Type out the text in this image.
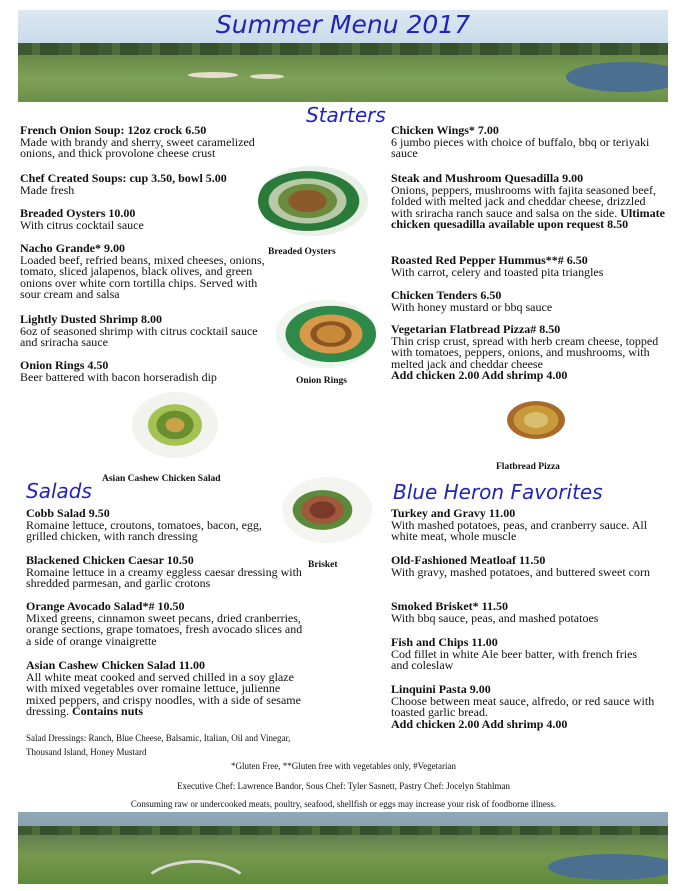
Summer Menu 2017
Starters
Salads	Blue Heron Favorites
French Onion Soup: 12oz crock 6.50
Made with brandy and sherry, sweet caramelized onions, and thick provolone cheese crust
Chef Created Soups: cup 3.50, bowl 5.00
Made fresh
Breaded Oysters 10.00
With citrus cocktail sauce
Nacho Grande* 9.00
Loaded beef, refried beans, mixed cheeses, onions, tomato, sliced jalapenos, black olives, and green onions over white corn tortilla chips. Served with sour cream and salsa
Lightly Dusted Shrimp 8.00
6oz of seasoned shrimp with citrus cocktail sauce and sriracha sauce
Onion Rings 4.50
Beer battered with bacon horseradish dip
Chicken Wings* 7.00
6 jumbo pieces with choice of buffalo, bbq or teriyaki sauce
Steak and Mushroom Quesadilla 9.00
Onions, peppers, mushrooms with fajita seasoned beef, folded with melted jack and cheddar cheese, drizzled with sriracha ranch sauce and salsa on the side. Ultimate chicken quesadilla available upon request 8.50
Roasted Red Pepper Hummus**# 6.50
With carrot, celery and toasted pita triangles
Chicken Tenders 6.50
With honey mustard or bbq sauce
Vegetarian Flatbread Pizza# 8.50
Thin crisp crust, spread with herb cream cheese, topped with tomatoes, peppers, onions, and mushrooms, with melted jack and cheddar cheese
Add chicken 2.00 Add shrimp 4.00
Breaded Oysters
Onion Rings
Asian Cashew Chicken Salad
Flatbread Pizza
Brisket
Cobb Salad 9.50
Romaine lettuce, croutons, tomatoes, bacon, egg, grilled chicken, with ranch dressing
Blackened Chicken Caesar 10.50
Romaine lettuce in a creamy eggless caesar dressing with shredded parmesan, and garlic crotons
Orange Avocado Salad*# 10.50
Mixed greens, cinnamon sweet pecans, dried cranberries, orange sections, grape tomatoes, fresh avocado slices and a side of orange vinaigrette
Asian Cashew Chicken Salad 11.00
All white meat cooked and served chilled in a soy glaze with mixed vegetables over romaine lettuce, julienne mixed peppers, and crispy noodles, with a side of sesame dressing. Contains nuts
Salad Dressings: Ranch, Blue Cheese, Balsamic, Italian, Oil and Vinegar, Thousand Island, Honey Mustard
Turkey and Gravy 11.00
With mashed potatoes, peas, and cranberry sauce. All white meat, whole muscle
Old-Fashioned Meatloaf 11.50
With gravy, mashed potatoes, and buttered sweet corn
Smoked Brisket* 11.50
With bbq sauce, peas, and mashed potatoes
Fish and Chips 11.00
Cod fillet in white Ale beer batter, with french fries and coleslaw
Linquini Pasta 9.00
Choose between meat sauce, alfredo, or red sauce with toasted garlic bread.
Add chicken 2.00 Add shrimp 4.00
*Gluten Free, **Gluten free with vegetables only, #Vegetarian
Executive Chef: Lawrence Bandor, Sous Chef: Tyler Sasnett, Pastry Chef: Jocelyn Stahlman
Consuming raw or undercooked meats, poultry, seafood, shellfish or eggs may increase your risk of foodborne illness.
